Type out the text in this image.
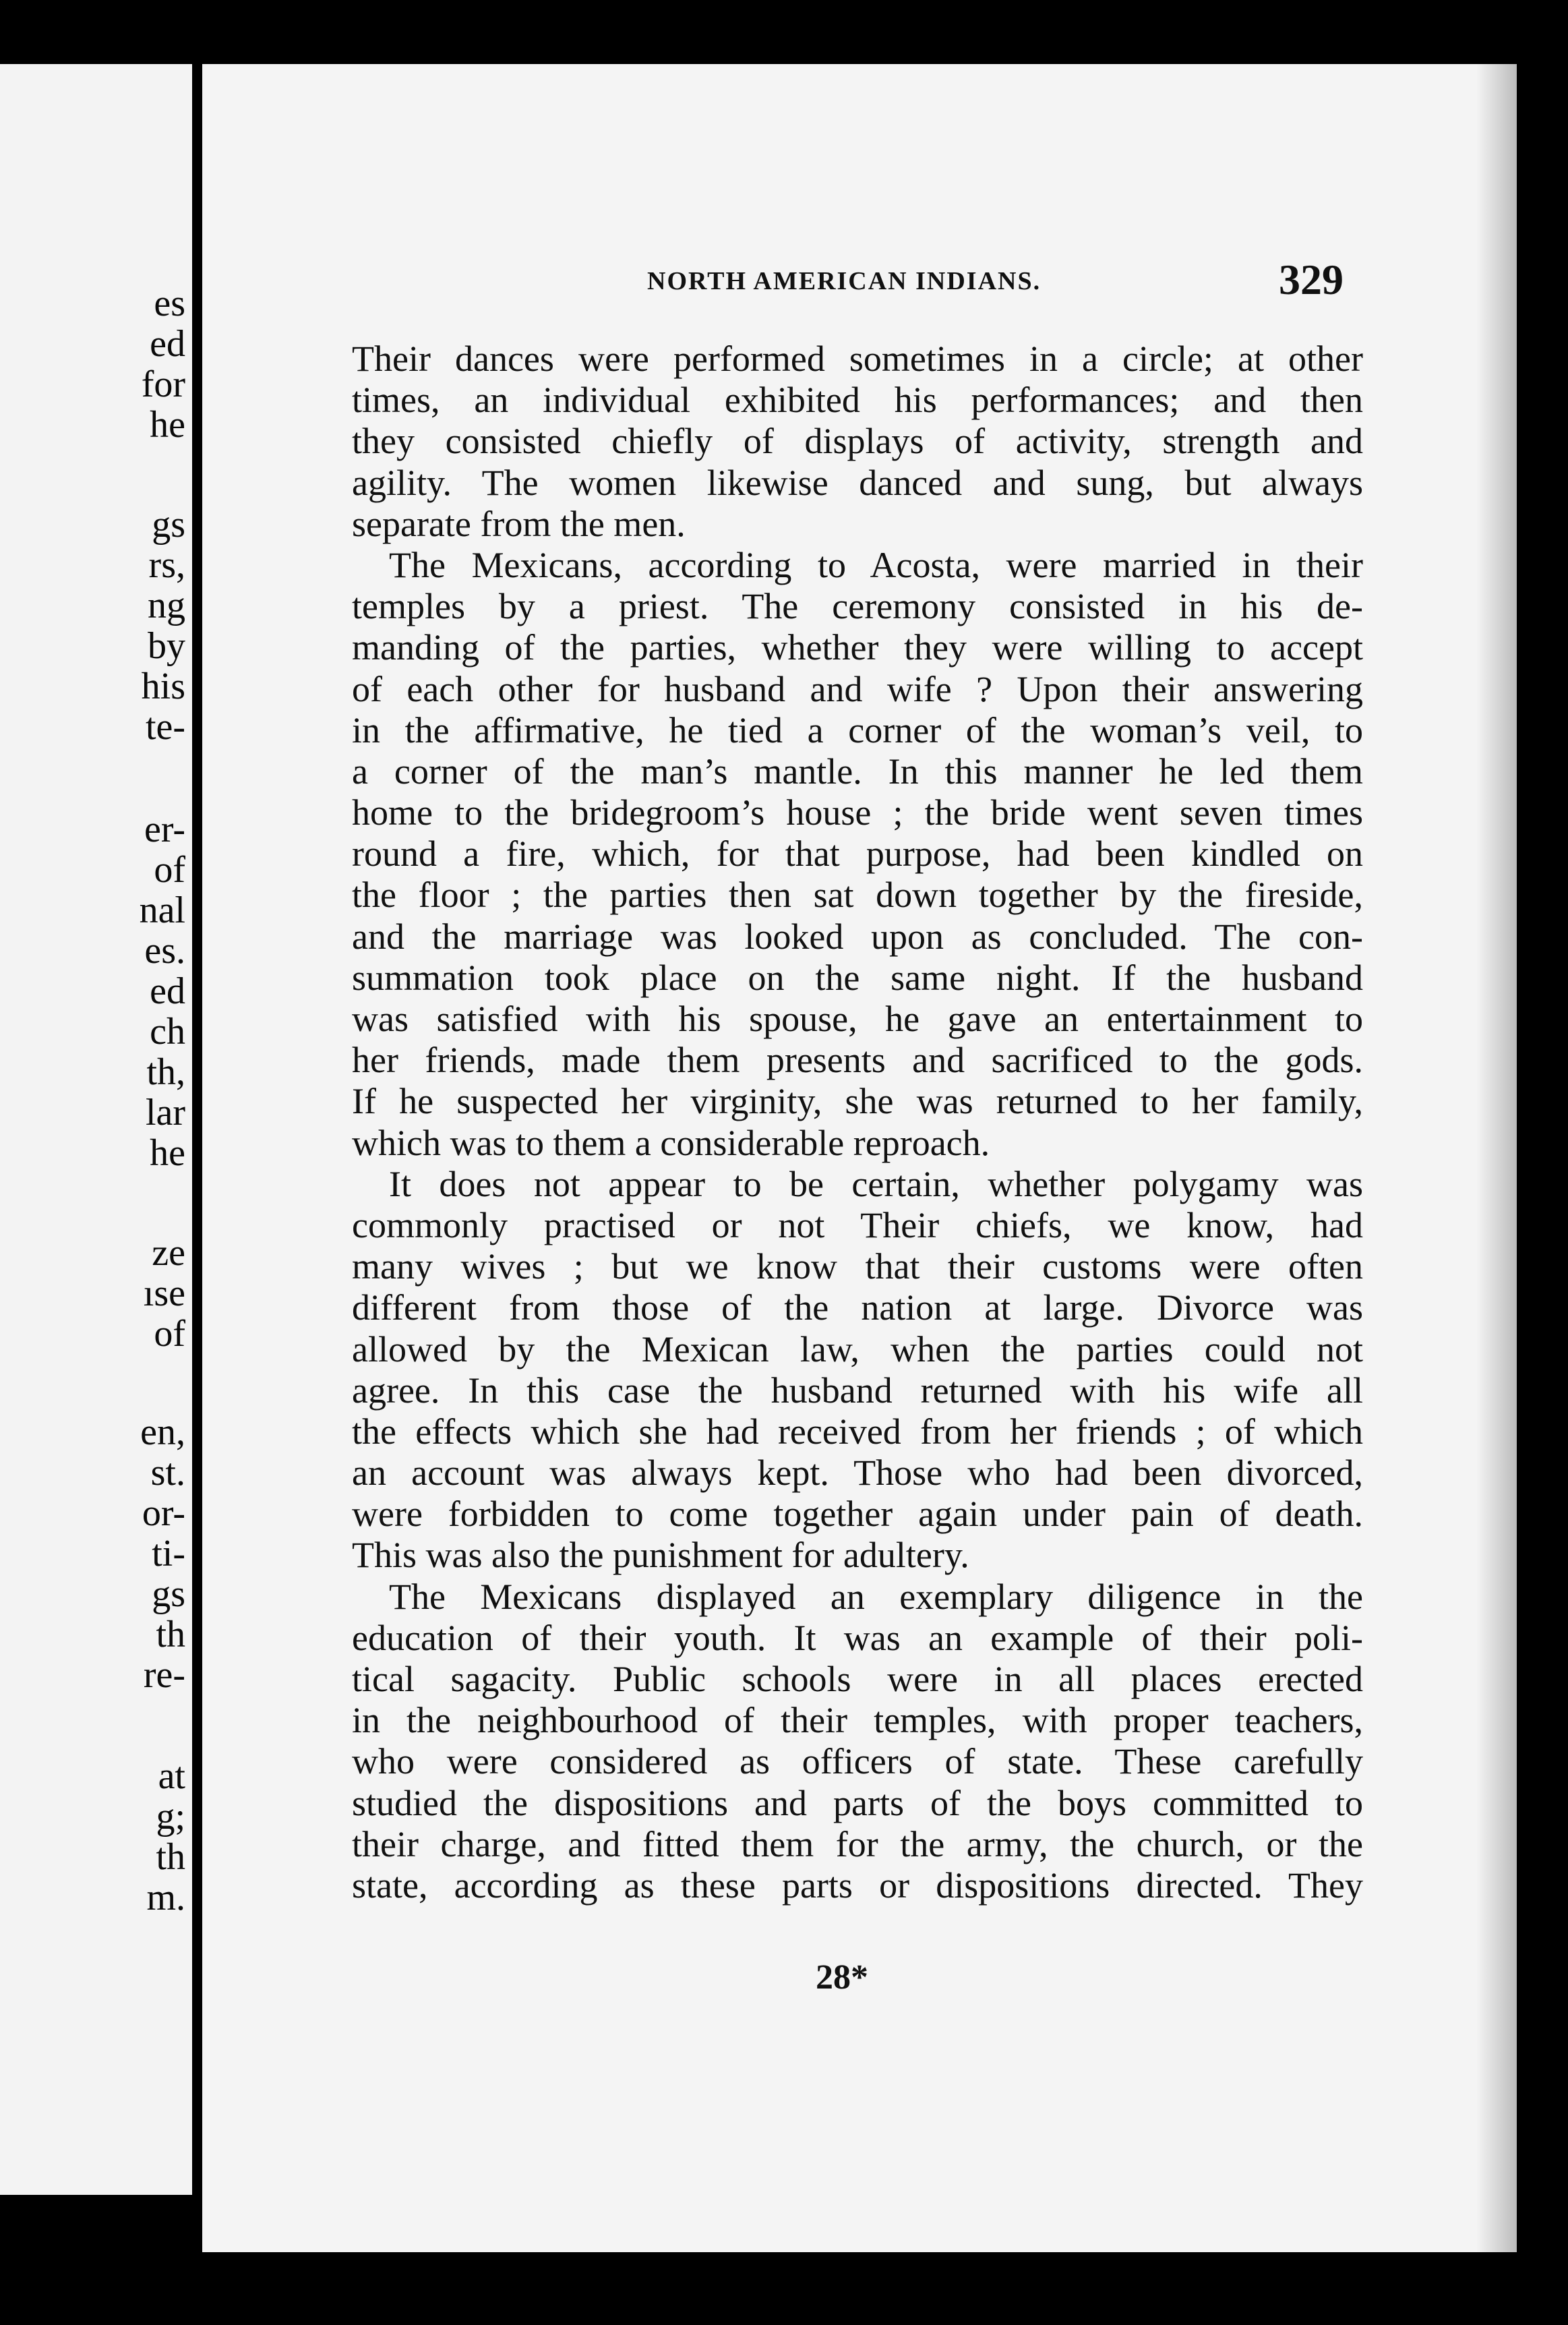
es
ed
for
he
gs
rs,
ng
by
his
te-
er-
of
nal
es.
ed
ch
th,
lar
he
ze
ıse
of
en,
st.
or-
ti-
gs
th
re-
at
g;
th
m.
NORTH AMERICAN INDIANS.	329
Their dances were performed sometimes in a circle; at other
times, an individual exhibited his performances; and then
they consisted chiefly of displays of activity, strength and
agility. The women likewise danced and sung, but always
separate from the men.
The Mexicans, according to Acosta, were married in their
temples by a priest. The ceremony consisted in his de-
manding of the parties, whether they were willing to accept
of each other for husband and wife ? Upon their answering
in the affirmative, he tied a corner of the woman’s veil, to
a corner of the man’s mantle. In this manner he led them
home to the bridegroom’s house ; the bride went seven times
round a fire, which, for that purpose, had been kindled on
the floor ; the parties then sat down together by the fireside,
and the marriage was looked upon as concluded. The con-
summation took place on the same night. If the husband
was satisfied with his spouse, he gave an entertainment to
her friends, made them presents and sacrificed to the gods.
If he suspected her virginity, she was returned to her family,
which was to them a considerable reproach.
It does not appear to be certain, whether polygamy was
commonly practised or not Their chiefs, we know, had
many wives ; but we know that their customs were often
different from those of the nation at large. Divorce was
allowed by the Mexican law, when the parties could not
agree. In this case the husband returned with his wife all
the effects which she had received from her friends ; of which
an account was always kept. Those who had been divorced,
were forbidden to come together again under pain of death.
This was also the punishment for adultery.
The Mexicans displayed an exemplary diligence in the
education of their youth. It was an example of their poli-
tical sagacity. Public schools were in all places erected
in the neighbourhood of their temples, with proper teachers,
who were considered as officers of state. These carefully
studied the dispositions and parts of the boys committed to
their charge, and fitted them for the army, the church, or the
state, according as these parts or dispositions directed. They
28*
